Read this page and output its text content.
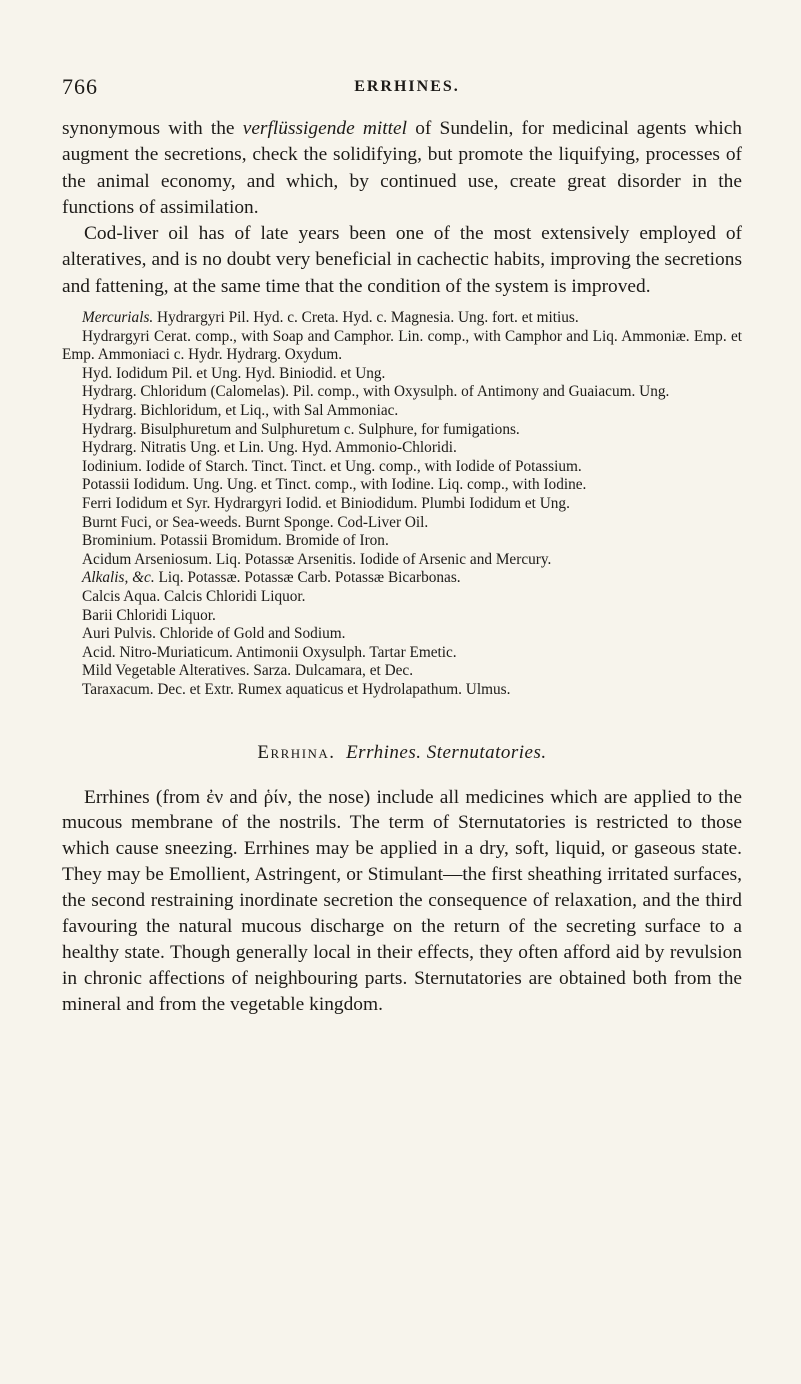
766	ERRHINES.

synonymous with the verflüssigende mittel of Sundelin, for medicinal agents which augment the secretions, check the solidifying, but promote the liquifying, processes of the animal economy, and which, by continued use, create great disorder in the functions of assimilation.

Cod-liver oil has of late years been one of the most extensively employed of alteratives, and is no doubt very beneficial in cachectic habits, improving the secretions and fattening, at the same time that the condition of the system is improved.

Mercurials. Hydrargyri Pil. Hyd. c. Creta. Hyd. c. Magnesia. Ung. fort. et mitius.

Hydrargyri Cerat. comp., with Soap and Camphor. Lin. comp., with Camphor and Liq. Ammoniæ. Emp. et Emp. Ammoniaci c. Hydr. Hydrarg. Oxydum.

Hyd. Iodidum Pil. et Ung. Hyd. Biniodid. et Ung.

Hydrarg. Chloridum (Calomelas). Pil. comp., with Oxysulph. of Antimony and Guaiacum. Ung.

Hydrarg. Bichloridum, et Liq., with Sal Ammoniac.

Hydrarg. Bisulphuretum and Sulphuretum c. Sulphure, for fumigations.

Hydrarg. Nitratis Ung. et Lin. Ung. Hyd. Ammonio-Chloridi.

Iodinium. Iodide of Starch. Tinct. Tinct. et Ung. comp., with Iodide of Potassium.

Potassii Iodidum. Ung. Ung. et Tinct. comp., with Iodine. Liq. comp., with Iodine.

Ferri Iodidum et Syr. Hydrargyri Iodid. et Biniodidum. Plumbi Iodidum et Ung.

Burnt Fuci, or Sea-weeds. Burnt Sponge. Cod-Liver Oil.

Brominium. Potassii Bromidum. Bromide of Iron.

Acidum Arseniosum. Liq. Potassæ Arsenitis. Iodide of Arsenic and Mercury.

Alkalis, &c. Liq. Potassæ. Potassæ Carb. Potassæ Bicarbonas.

Calcis Aqua. Calcis Chloridi Liquor.

Barii Chloridi Liquor.

Auri Pulvis. Chloride of Gold and Sodium.

Acid. Nitro-Muriaticum. Antimonii Oxysulph. Tartar Emetic.

Mild Vegetable Alteratives. Sarza. Dulcamara, et Dec.

Taraxacum. Dec. et Extr. Rumex aquaticus et Hydrolapathum. Ulmus.

Errhina. Errhines. Sternutatories.

Errhines (from ἐν and ῥίν, the nose) include all medicines which are applied to the mucous membrane of the nostrils. The term of Sternutatories is restricted to those which cause sneezing. Errhines may be applied in a dry, soft, liquid, or gaseous state. They may be Emollient, Astringent, or Stimulant—the first sheathing irritated surfaces, the second restraining inordinate secretion the consequence of relaxation, and the third favouring the natural mucous discharge on the return of the secreting surface to a healthy state. Though generally local in their effects, they often afford aid by revulsion in chronic affections of neighbouring parts. Sternutatories are obtained both from the mineral and from the vegetable kingdom.
